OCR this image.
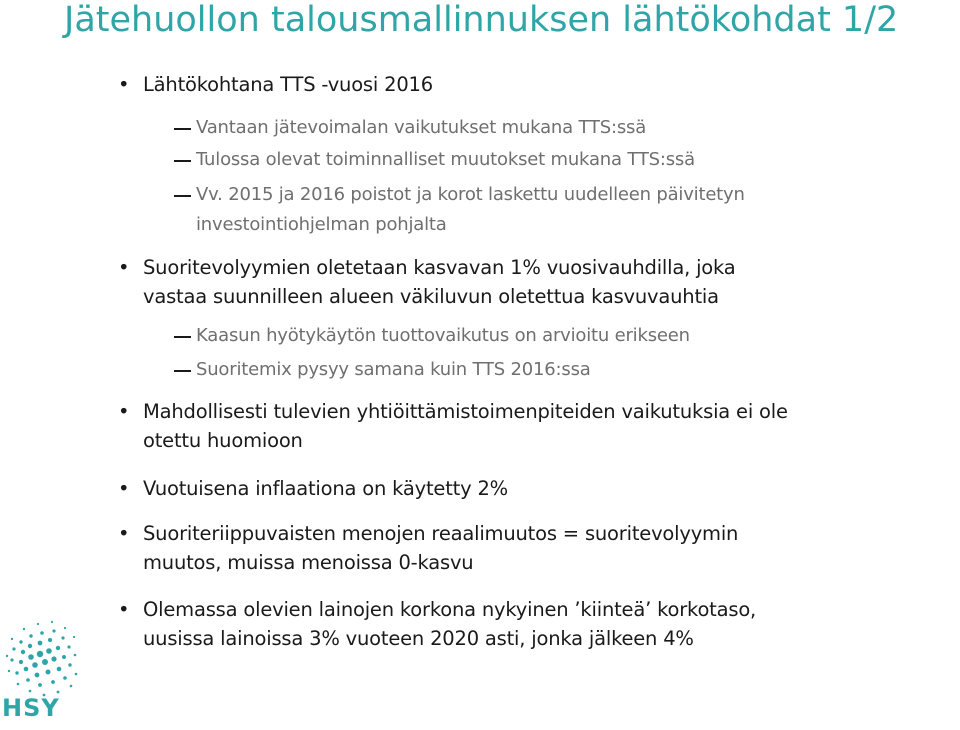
Jätehuollon talousmallinnuksen lähtökohdat 1/2

• Lähtökohtana TTS -vuosi 2016

Vantaan jätevoimalan vaikutukset mukana TTS:ssä

Tulossa olevat toiminnalliset muutokset mukana TTS:ssä

Vv. 2015 ja 2016 poistot ja korot laskettu uudelleen päivitetyn

investointiohjelman pohjalta

• Suoritevolyymien oletetaan kasvavan 1% vuosivauhdilla, joka

vastaa suunnilleen alueen väkiluvun oletettua kasvuvauhtia

Kaasun hyötykäytön tuottovaikutus on arvioitu erikseen

Suoritemix pysyy samana kuin TTS 2016:ssa

• Mahdollisesti tulevien yhtiöittämistoimenpiteiden vaikutuksia ei ole

otettu huomioon

• Vuotuisena inflaationa on käytetty 2%

• Suoriteriippuvaisten menojen reaalimuutos = suoritevolyymin

muutos, muissa menoissa 0-kasvu

• Olemassa olevien lainojen korkona nykyinen ’kiinteä’ korkotaso,

uusissa lainoissa 3% vuoteen 2020 asti, jonka jälkeen 4%
HSY
